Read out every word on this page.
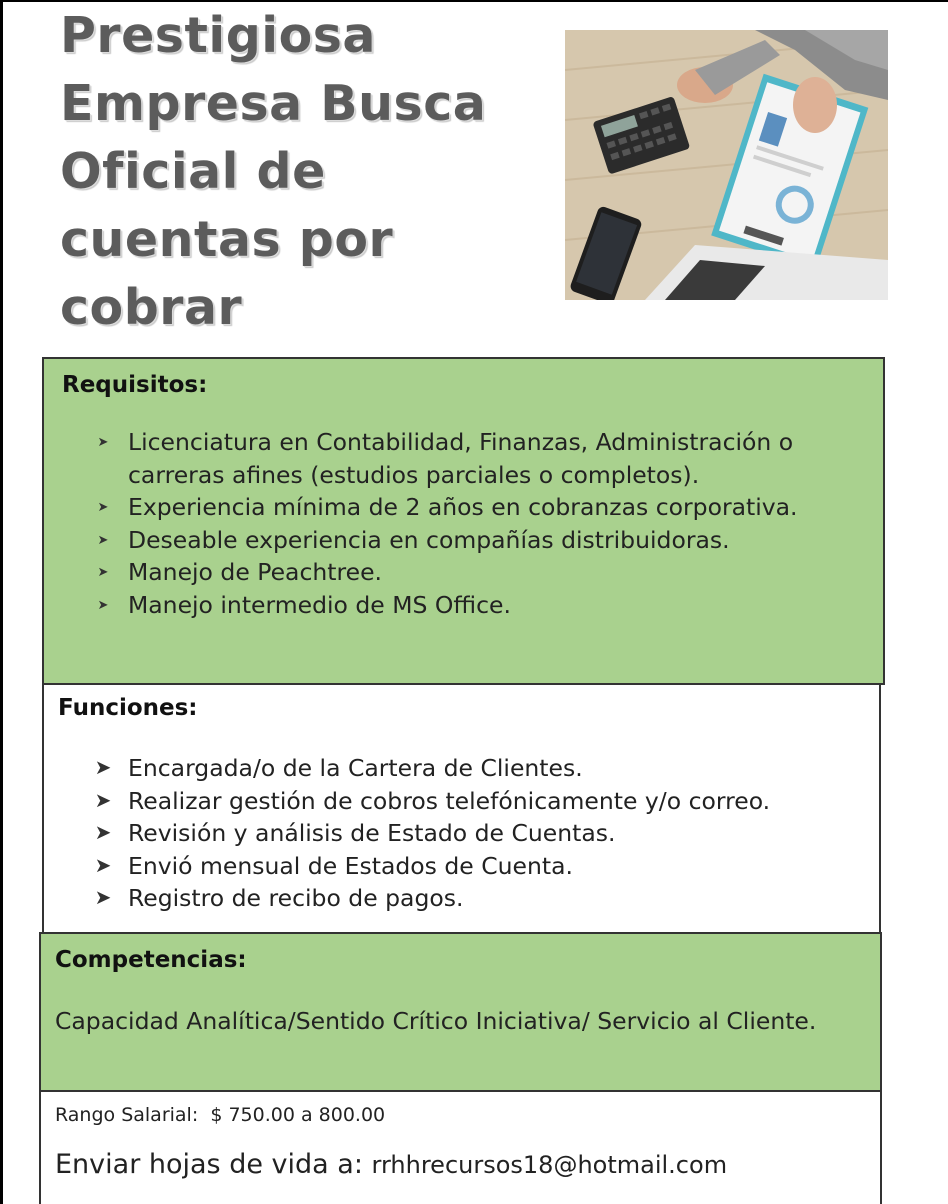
Prestigiosa Empresa Busca Oficial de cuentas por cobrar
Requisitos:
➤ Licenciatura en Contabilidad, Finanzas, Administración o carreras afines (estudios parciales o completos).
➤ Experiencia mínima de 2 años en cobranzas corporativa.
➤ Deseable experiencia en compañías distribuidoras.
➤ Manejo de Peachtree.
➤ Manejo intermedio de MS Office.
Funciones:
➤ Encargada/o de la Cartera de Clientes.
➤ Realizar gestión de cobros telefónicamente y/o correo.
➤ Revisión y análisis de Estado de Cuentas.
➤ Envió mensual de Estados de Cuenta.
➤ Registro de recibo de pagos.
Competencias:

Capacidad Analítica/Sentido Crítico Iniciativa/ Servicio al Cliente.

Rango Salarial: $ 750.00 a 800.00
Enviar hojas de vida a: rrhhrecursos18@hotmail.com
